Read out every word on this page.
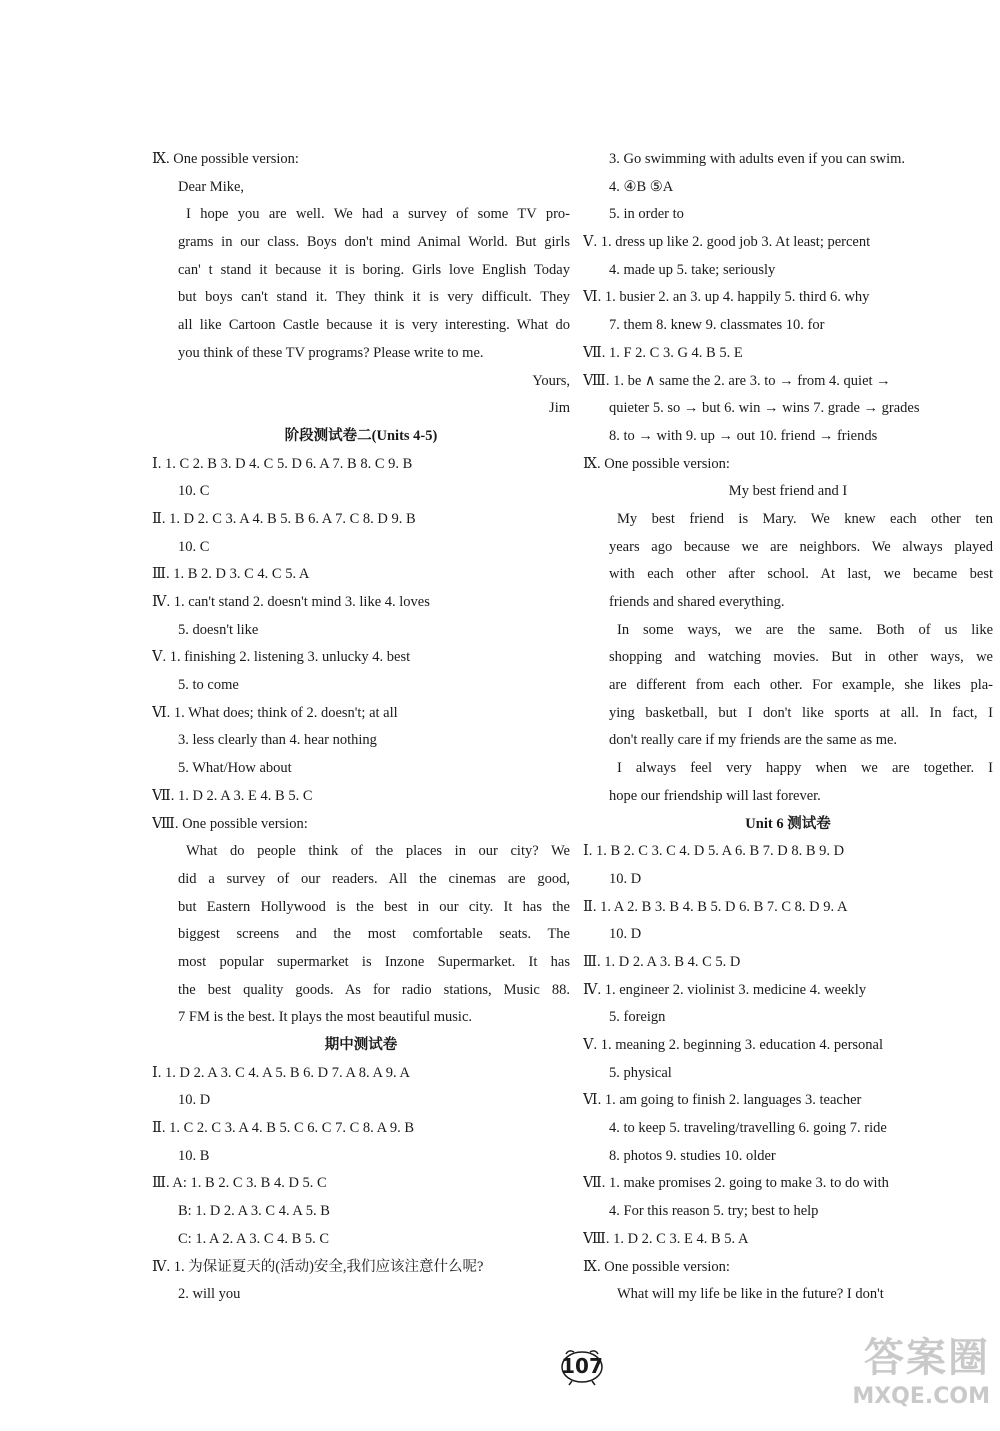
Ⅸ. One possible version:
Dear Mike,
I hope you are well. We had a survey of some TV pro-
grams in our class. Boys don't mind Animal World. But girls
can' t stand it because it is boring. Girls love English Today
but boys can't stand it. They think it is very difficult. They
all like Cartoon Castle because it is very interesting. What do
you think of these TV programs? Please write to me.
Yours,
Jim
阶段测试卷二(Units 4-5)
Ⅰ. 1. C 2. B 3. D 4. C 5. D 6. A 7. B 8. C 9. B
10. C
Ⅱ. 1. D 2. C 3. A 4. B 5. B 6. A 7. C 8. D 9. B
10. C
Ⅲ. 1. B 2. D 3. C 4. C 5. A
Ⅳ. 1. can't stand 2. doesn't mind 3. like 4. loves
5. doesn't like
Ⅴ. 1. finishing 2. listening 3. unlucky 4. best
5. to come
Ⅵ. 1. What does; think of 2. doesn't; at all
3. less clearly than 4. hear nothing
5. What/How about
Ⅶ. 1. D 2. A 3. E 4. B 5. C
Ⅷ. One possible version:
What do people think of the places in our city? We
did a survey of our readers. All the cinemas are good,
but Eastern Hollywood is the best in our city. It has the
biggest screens and the most comfortable seats. The
most popular supermarket is Inzone Supermarket. It has
the best quality goods. As for radio stations, Music 88.
7 FM is the best. It plays the most beautiful music.
期中测试卷
Ⅰ. 1. D 2. A 3. C 4. A 5. B 6. D 7. A 8. A 9. A
10. D
Ⅱ. 1. C 2. C 3. A 4. B 5. C 6. C 7. C 8. A 9. B
10. B
Ⅲ. A: 1. B 2. C 3. B 4. D 5. C
B: 1. D 2. A 3. C 4. A 5. B
C: 1. A 2. A 3. C 4. B 5. C
Ⅳ. 1. 为保证夏天的(活动)安全,我们应该注意什么呢?
2. will you
3. Go swimming with adults even if you can swim.
4. ④B ⑤A
5. in order to
Ⅴ. 1. dress up like 2. good job 3. At least; percent
4. made up 5. take; seriously
Ⅵ. 1. busier 2. an 3. up 4. happily 5. third 6. why
7. them 8. knew 9. classmates 10. for
Ⅶ. 1. F 2. C 3. G 4. B 5. E
Ⅷ. 1. be ∧ same the 2. are 3. to → from 4. quiet →
quieter 5. so → but 6. win → wins 7. grade → grades
8. to → with 9. up → out 10. friend → friends
Ⅸ. One possible version:
My best friend and I
My best friend is Mary. We knew each other ten
years ago because we are neighbors. We always played
with each other after school. At last, we became best
friends and shared everything.
In some ways, we are the same. Both of us like
shopping and watching movies. But in other ways, we
are different from each other. For example, she likes pla-
ying basketball, but I don't like sports at all. In fact, I
don't really care if my friends are the same as me.
I always feel very happy when we are together. I
hope our friendship will last forever.
Unit 6 测试卷
Ⅰ. 1. B 2. C 3. C 4. D 5. A 6. B 7. D 8. B 9. D
10. D
Ⅱ. 1. A 2. B 3. B 4. B 5. D 6. B 7. C 8. D 9. A
10. D
Ⅲ. 1. D 2. A 3. B 4. C 5. D
Ⅳ. 1. engineer 2. violinist 3. medicine 4. weekly
5. foreign
Ⅴ. 1. meaning 2. beginning 3. education 4. personal
5. physical
Ⅵ. 1. am going to finish 2. languages 3. teacher
4. to keep 5. traveling/travelling 6. going 7. ride
8. photos 9. studies 10. older
Ⅶ. 1. make promises 2. going to make 3. to do with
4. For this reason 5. try; best to help
Ⅷ. 1. D 2. C 3. E 4. B 5. A
Ⅸ. One possible version:
What will my life be like in the future? I don't
107	答案圈
MXQE.COM
